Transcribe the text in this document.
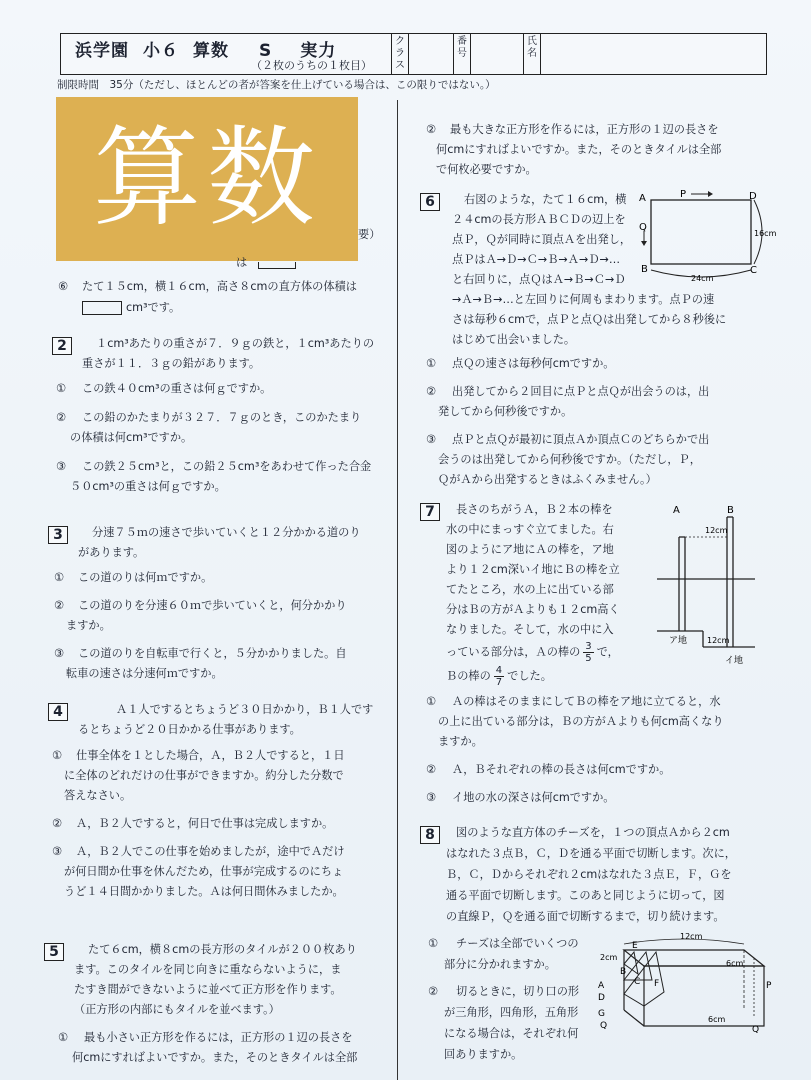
浜学園 小６ 算数 S 実力
（２枚のうちの１枚目）
クラス
番号
氏名
制限時間　35分（ただし、ほとんどの者が答案を仕上げている場合は、この限りではない。）
算数	要）
は
⑥ たて１５cm，横１６cm，高さ８cmの直方体の体積は
cm³です。
2	１cm³あたりの重さが７．９ｇの鉄と，１cm³あたりの
重さが１１．３ｇの鉛があります。
① この鉄４０cm³の重さは何ｇですか。
② この鉛のかたまりが３２７．７ｇのとき，このかたまり
の体積は何cm³ですか。
③ この鉄２５cm³と，この鉛２５cm³をあわせて作った合金
５０cm³の重さは何ｇですか。
3	分速７５ｍの速さで歩いていくと１２分かかる道のり
があります。
① この道のりは何ｍですか。
② この道のりを分速６０ｍで歩いていくと，何分かかり
ますか。
③ この道のりを自転車で行くと，５分かかりました。自
転車の速さは分速何ｍですか。
4	Ａ１人でするとちょうど３０日かかり，Ｂ１人です
るとちょうど２０日かかる仕事があります。
① 仕事全体を１とした場合，Ａ，Ｂ２人ですると，１日
に全体のどれだけの仕事ができますか。約分した分数で
答えなさい。
② Ａ，Ｂ２人ですると，何日で仕事は完成しますか。
③ Ａ，Ｂ２人でこの仕事を始めましたが，途中でＡだけ
が何日間か仕事を休んだため，仕事が完成するのにちょ
うど１４日間かかりました。Ａは何日間休みましたか。
5	たて６cm，横８cmの長方形のタイルが２００枚あり
ます。このタイルを同じ向きに重ならないように，ま
たすき間ができないように並べて正方形を作ります。
（正方形の内部にもタイルを並べます。）
① 最も小さい正方形を作るには，正方形の１辺の長さを
何cmにすればよいですか。また，そのときタイルは全部
② 最も大きな正方形を作るには，正方形の１辺の長さを
何cmにすればよいですか。また，そのときタイルは全部
で何枚必要ですか。
6	右図のような，たて１６cm，横
２４cmの長方形ＡＢＣＤの辺上を
点Ｐ，Ｑが同時に頂点Ａを出発し，
点ＰはＡ→Ｄ→Ｃ→Ｂ→Ａ→Ｄ→…
と右回りに，点ＱはＡ→Ｂ→Ｃ→Ｄ
→Ａ→Ｂ→…と左回りに何周もまわります。点Ｐの速
さは毎秒６cmで，点Ｐと点Ｑは出発してから８秒後に
はじめて出会いました。
① 点Ｑの速さは毎秒何cmですか。
② 出発してから２回目に点Ｐと点Ｑが出会うのは，出
発してから何秒後ですか。
③ 点Ｐと点Ｑが最初に頂点Ａか頂点Ｃのどちらかで出
会うのは出発してから何秒後ですか。（ただし，Ｐ，
ＱがＡから出発するときはふくみません。）
7	長さのちがうＡ，Ｂ２本の棒を
水の中にまっすぐ立てました。右
図のようにア地にＡの棒を，ア地
より１２cm深いイ地にＢの棒を立
てたところ，水の上に出ている部
分はＢの方がＡよりも１２cm高く
なりました。そして，水の中に入
っている部分は，Ａの棒の $\frac{3}{5}$ で，
Ｂの棒の $\frac{4}{7}$ でした。
① Ａの棒はそのままにしてＢの棒をア地に立てると，水
の上に出ている部分は，Ｂの方がＡよりも何cm高くなり
ますか。
② Ａ，Ｂそれぞれの棒の長さは何cmですか。
③ イ地の水の深さは何cmですか。
8	図のような直方体のチーズを，１つの頂点Ａから２cm
はなれた３点Ｂ，Ｃ，Ｄを通る平面で切断します。次に，
Ｂ，Ｃ，Ｄからそれぞれ２cmはなれた３点Ｅ，Ｆ，Ｇを
通る平面で切断します。このあと同じように切って，図
の直線Ｐ，Ｑを通る面で切断するまで，切り続けます。
① チーズは全部でいくつの
部分に分かれますか。
② 切るときに，切り口の形
が三角形，四角形，五角形
になる場合は，それぞれ何
回ありますか。
A	P	D
Q
B	C
16cm
24cm
A	B
12cm
ア地 12cm
イ地
12cm
6cm
6cm
2cm
A
D
G
Q
E
B
C F	P
Q
